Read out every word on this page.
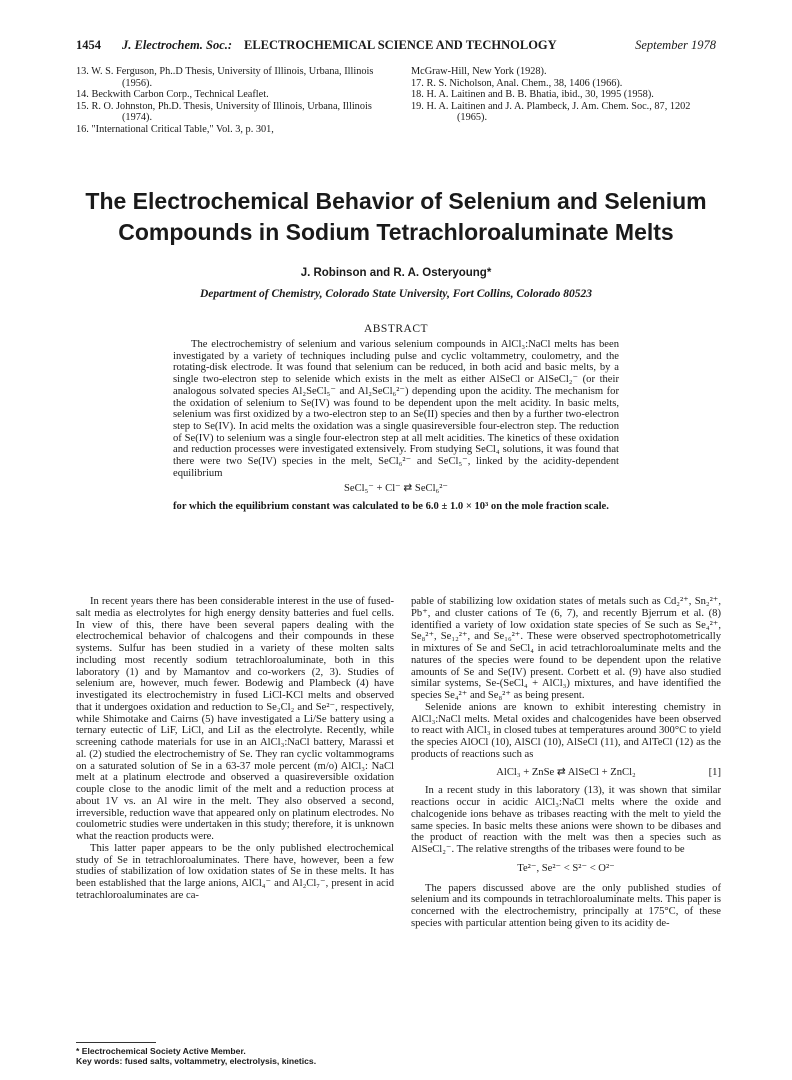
1454 J. Electrochem. Soc.: ELECTROCHEMICAL SCIENCE AND TECHNOLOGY	September 1978
13. W. S. Ferguson, Ph..D Thesis, University of Illinois, Urbana, Illinois (1956).
14. Beckwith Carbon Corp., Technical Leaflet.
15. R. O. Johnston, Ph.D. Thesis, University of Illinois, Urbana, Illinois (1974).
16. "International Critical Table," Vol. 3, p. 301,
McGraw-Hill, New York (1928).
17. R. S. Nicholson, Anal. Chem., 38, 1406 (1966).
18. H. A. Laitinen and B. B. Bhatia, ibid., 30, 1995 (1958).
19. H. A. Laitinen and J. A. Plambeck, J. Am. Chem. Soc., 87, 1202 (1965).
The Electrochemical Behavior of Selenium and Selenium
Compounds in Sodium Tetrachloroaluminate Melts
J. Robinson and R. A. Osteryoung*
Department of Chemistry, Colorado State University, Fort Collins, Colorado 80523
ABSTRACT
The electrochemistry of selenium and various selenium compounds in AlCl₃:NaCl melts has been investigated by a variety of techniques including pulse and cyclic voltammetry, coulometry, and the rotating-disk electrode. It was found that selenium can be reduced, in both acid and basic melts, by a single two-electron step to selenide which exists in the melt as either AlSeCl or AlSeCl₂⁻ (or their analogous solvated species Al₂SeCl₅⁻ and Al₂SeCl₆²⁻) depending upon the acidity. The mechanism for the oxidation of selenium to Se(IV) was found to be dependent upon the melt acidity. In basic melts, selenium was first oxidized by a two-electron step to an Se(II) species and then by a further two-electron step to Se(IV). In acid melts the oxidation was a single quasireversible four-electron step. The reduction of Se(IV) to selenium was a single four-electron step at all melt acidities. The kinetics of these oxidation and reduction processes were investigated extensively. From studying SeCl₄ solutions, it was found that there were two Se(IV) species in the melt, SeCl₆²⁻ and SeCl₅⁻, linked by the acidity-dependent equilibrium
SeCl₅⁻ + Cl⁻ ⇄ SeCl₆²⁻
for which the equilibrium constant was calculated to be 6.0 ± 1.0 × 10³ on the mole fraction scale.

In recent years there has been considerable interest in the use of fused-salt media as electrolytes for high energy density batteries and fuel cells. In view of this, there have been several papers dealing with the electrochemical behavior of chalcogens and their compounds in these systems. Sulfur has been studied in a variety of these molten salts including most recently sodium tetrachloroaluminate, both in this laboratory (1) and by Mamantov and co-workers (2, 3). Studies of selenium are, however, much fewer. Bodewig and Plambeck (4) have investigated its electrochemistry in fused LiCl-KCl melts and observed that it undergoes oxidation and reduction to Se₂Cl₂ and Se²⁻, respectively, while Shimotake and Cairns (5) have investigated a Li/Se battery using a ternary eutectic of LiF, LiCl, and LiI as the electrolyte. Recently, while screening cathode materials for use in an AlCl₃:NaCl battery, Marassi et al. (2) studied the electrochemistry of Se. They ran cyclic voltammograms on a saturated solution of Se in a 63-37 mole percent (m/o) AlCl₃: NaCl melt at a platinum electrode and observed a quasireversible oxidation couple close to the anodic limit of the melt and a reduction process at about 1V vs. an Al wire in the melt. They also observed a second, irreversible, reduction wave that appeared only on platinum electrodes. No coulometric studies were undertaken in this study; therefore, it is unknown what the reaction products were.

This latter paper appears to be the only published electrochemical study of Se in tetrachloroaluminates. There have, however, been a few studies of stabilization of low oxidation states of Se in these melts. It has been established that the large anions, AlCl₄⁻ and Al₂Cl₇⁻, present in acid tetrachloroaluminates are ca-

pable of stabilizing low oxidation states of metals such as Cd₂²⁺, Sn₂²⁺, Pb⁺, and cluster cations of Te (6, 7), and recently Bjerrum et al. (8) identified a variety of low oxidation state species of Se such as Se₄²⁺, Se₈²⁺, Se₁₂²⁺, and Se₁₆²⁺. These were observed spectrophotometrically in mixtures of Se and SeCl₄ in acid tetrachloroaluminate melts and the natures of the species were found to be dependent upon the relative amounts of Se and Se(IV) present. Corbett et al. (9) have also studied similar systems, Se-(SeCl₄ + AlCl₃) mixtures, and have identified the species Se₄²⁺ and Se₈²⁺ as being present.

Selenide anions are known to exhibit interesting chemistry in AlCl₃:NaCl melts. Metal oxides and chalcogenides have been observed to react with AlCl₃ in closed tubes at temperatures around 300°C to yield the species AlOCl (10), AlSCl (10), AlSeCl (11), and AlTeCl (12) as the products of reactions such as

AlCl₃ + ZnSe ⇄ AlSeCl + ZnCl₂	[1]

In a recent study in this laboratory (13), it was shown that similar reactions occur in acidic AlCl₃:NaCl melts where the oxide and chalcogenide ions behave as tribases reacting with the melt to yield the same species. In basic melts these anions were shown to be dibases and the product of reaction with the melt was then a species such as AlSeCl₂⁻. The relative strengths of the tribases were found to be

Te²⁻, Se²⁻ < S²⁻ < O²⁻

The papers discussed above are the only published studies of selenium and its compounds in tetrachloroaluminate melts. This paper is concerned with the electrochemistry, principally at 175°C, of these species with particular attention being given to its acidity de-

* Electrochemical Society Active Member.
Key words: fused salts, voltammetry, electrolysis, kinetics.
